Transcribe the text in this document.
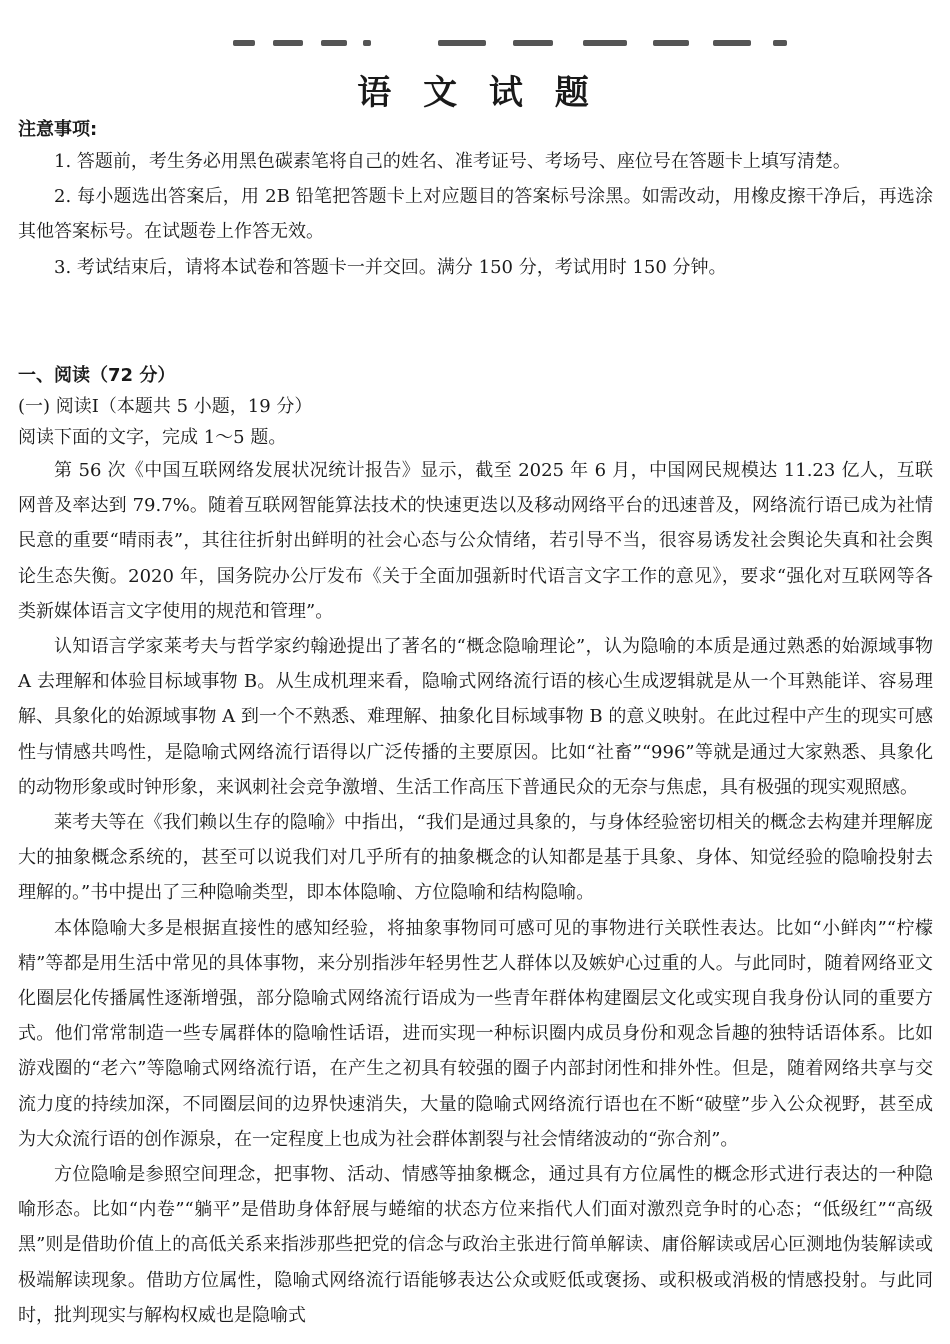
语 文 试 题
注意事项:

1. 答题前，考生务必用黑色碳素笔将自己的姓名、准考证号、考场号、座位号在答题卡上填写清楚。

2. 每小题选出答案后，用 2B 铅笔把答题卡上对应题目的答案标号涂黑。如需改动，用橡皮擦干净后，再选涂其他答案标号。在试题卷上作答无效。

3. 考试结束后，请将本试卷和答题卡一并交回。满分 150 分，考试用时 150 分钟。

一、阅读（72 分）
(一) 阅读Ⅰ（本题共 5 小题，19 分）
阅读下面的文字，完成 1～5 题。

第 56 次《中国互联网络发展状况统计报告》显示，截至 2025 年 6 月，中国网民规模达 11.23 亿人，互联网普及率达到 79.7%。随着互联网智能算法技术的快速更迭以及移动网络平台的迅速普及，网络流行语已成为社情民意的重要“晴雨表”，其往往折射出鲜明的社会心态与公众情绪，若引导不当，很容易诱发社会舆论失真和社会舆论生态失衡。2020 年，国务院办公厅发布《关于全面加强新时代语言文字工作的意见》，要求“强化对互联网等各类新媒体语言文字使用的规范和管理”。

认知语言学家莱考夫与哲学家约翰逊提出了著名的“概念隐喻理论”，认为隐喻的本质是通过熟悉的始源域事物 A 去理解和体验目标域事物 B。从生成机理来看，隐喻式网络流行语的核心生成逻辑就是从一个耳熟能详、容易理解、具象化的始源域事物 A 到一个不熟悉、难理解、抽象化目标域事物 B 的意义映射。在此过程中产生的现实可感性与情感共鸣性，是隐喻式网络流行语得以广泛传播的主要原因。比如“社畜”“996”等就是通过大家熟悉、具象化的动物形象或时钟形象，来讽刺社会竞争激增、生活工作高压下普通民众的无奈与焦虑，具有极强的现实观照感。

莱考夫等在《我们赖以生存的隐喻》中指出，“我们是通过具象的，与身体经验密切相关的概念去构建并理解庞大的抽象概念系统的，甚至可以说我们对几乎所有的抽象概念的认知都是基于具象、身体、知觉经验的隐喻投射去理解的。”书中提出了三种隐喻类型，即本体隐喻、方位隐喻和结构隐喻。

本体隐喻大多是根据直接性的感知经验，将抽象事物同可感可见的事物进行关联性表达。比如“小鲜肉”“柠檬精”等都是用生活中常见的具体事物，来分别指涉年轻男性艺人群体以及嫉妒心过重的人。与此同时，随着网络亚文化圈层化传播属性逐渐增强，部分隐喻式网络流行语成为一些青年群体构建圈层文化或实现自我身份认同的重要方式。他们常常制造一些专属群体的隐喻性话语，进而实现一种标识圈内成员身份和观念旨趣的独特话语体系。比如游戏圈的“老六”等隐喻式网络流行语，在产生之初具有较强的圈子内部封闭性和排外性。但是，随着网络共享与交流力度的持续加深，不同圈层间的边界快速消失，大量的隐喻式网络流行语也在不断“破壁”步入公众视野，甚至成为大众流行语的创作源泉，在一定程度上也成为社会群体割裂与社会情绪波动的“弥合剂”。

方位隐喻是参照空间理念，把事物、活动、情感等抽象概念，通过具有方位属性的概念形式进行表达的一种隐喻形态。比如“内卷”“躺平”是借助身体舒展与蜷缩的状态方位来指代人们面对激烈竞争时的心态；“低级红”“高级黑”则是借助价值上的高低关系来指涉那些把党的信念与政治主张进行简单解读、庸俗解读或居心叵测地伪装解读或极端解读现象。借助方位属性，隐喻式网络流行语能够表达公众或贬低或褒扬、或积极或消极的情感投射。与此同时，批判现实与解构权威也是隐喻式
